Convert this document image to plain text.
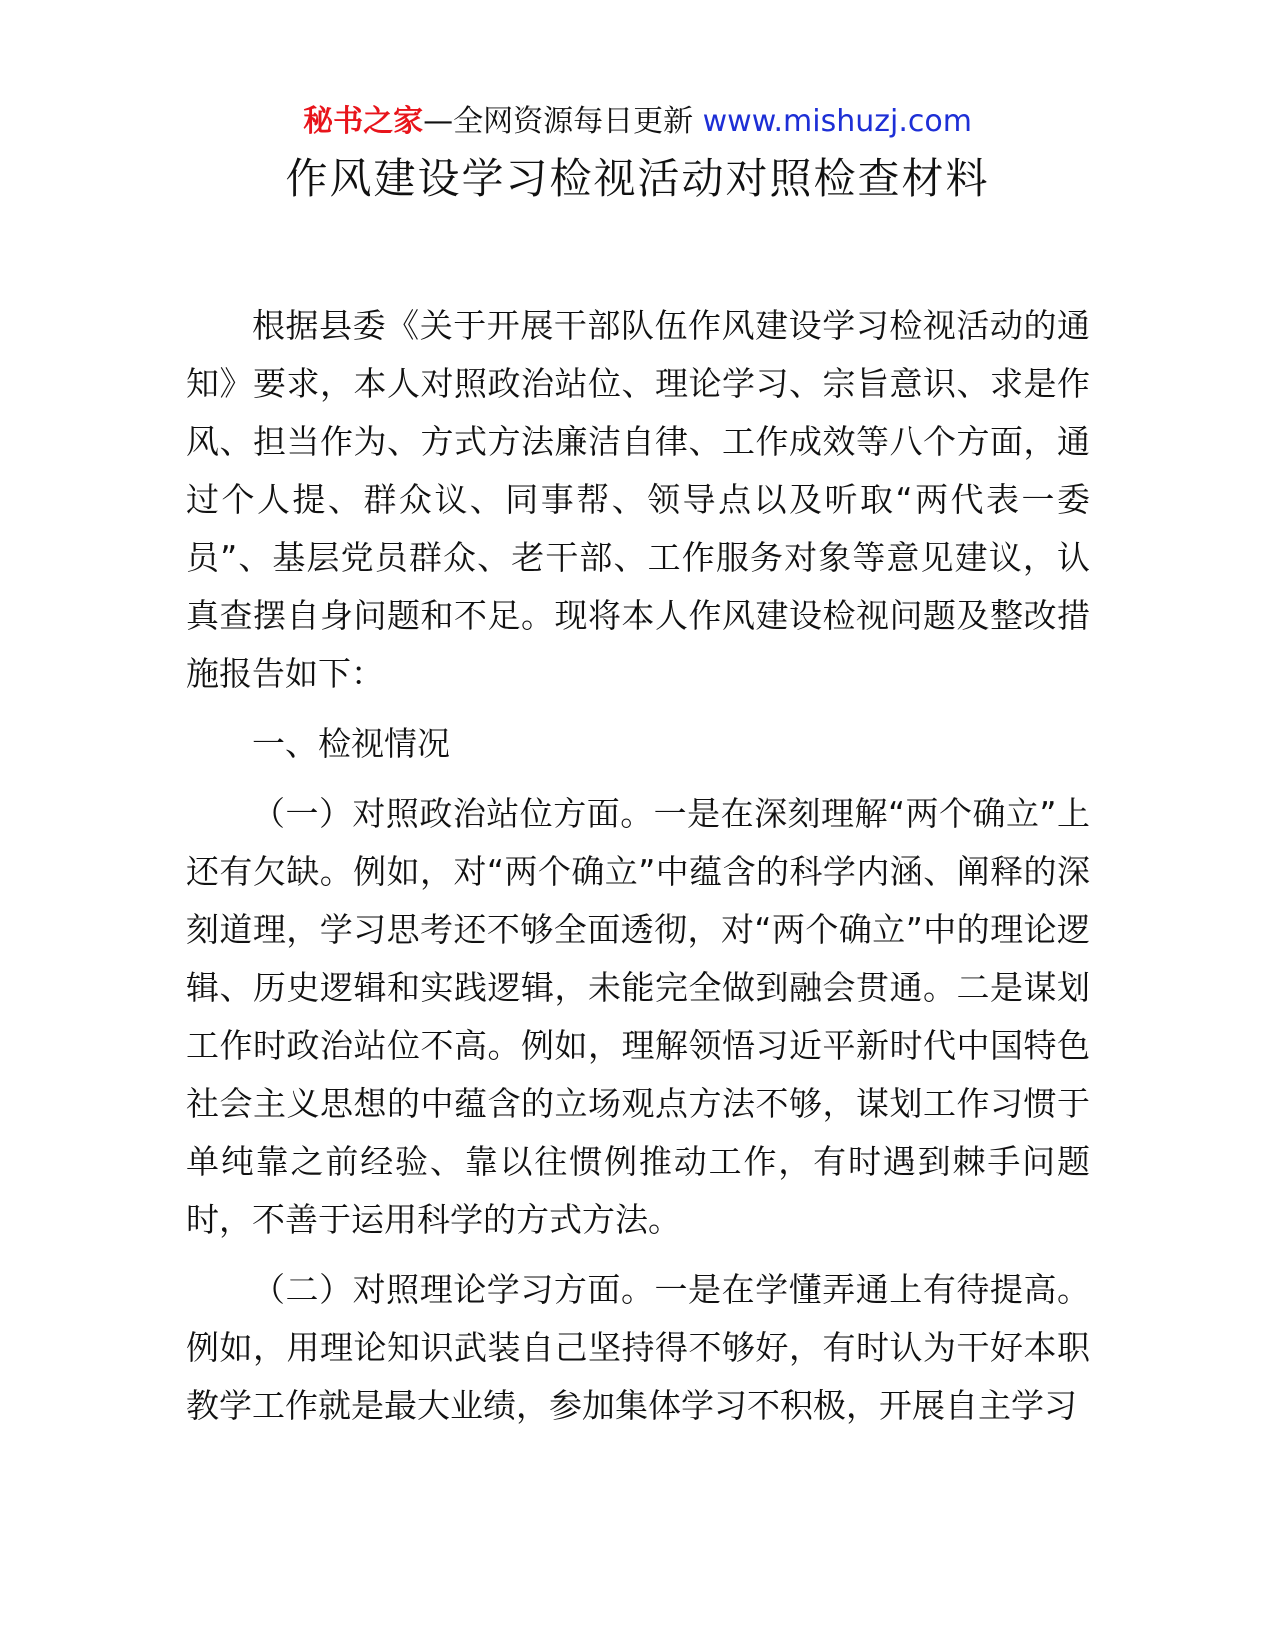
秘书之家—全网资源每日更新 www.mishuzj.com
作风建设学习检视活动对照检查材料

根据县委《关于开展干部队伍作风建设学习检视活动的通知》要求，本人对照政治站位、理论学习、宗旨意识、求是作风、担当作为、方式方法廉洁自律、工作成效等八个方面，通过个人提、群众议、同事帮、领导点以及听取“两代表一委员”、基层党员群众、老干部、工作服务对象等意见建议，认真查摆自身问题和不足。现将本人作风建设检视问题及整改措施报告如下：

一、检视情况

（一）对照政治站位方面。一是在深刻理解“两个确立”上还有欠缺。例如，对“两个确立”中蕴含的科学内涵、阐释的深刻道理，学习思考还不够全面透彻，对“两个确立”中的理论逻辑、历史逻辑和实践逻辑，未能完全做到融会贯通。二是谋划工作时政治站位不高。例如，理解领悟习近平新时代中国特色社会主义思想的中蕴含的立场观点方法不够，谋划工作习惯于单纯靠之前经验、靠以往惯例推动工作，有时遇到棘手问题时，不善于运用科学的方式方法。

（二）对照理论学习方面。一是在学懂弄通上有待提高。例如，用理论知识武装自己坚持得不够好，有时认为干好本职教学工作就是最大业绩，参加集体学习不积极，开展自主学习
